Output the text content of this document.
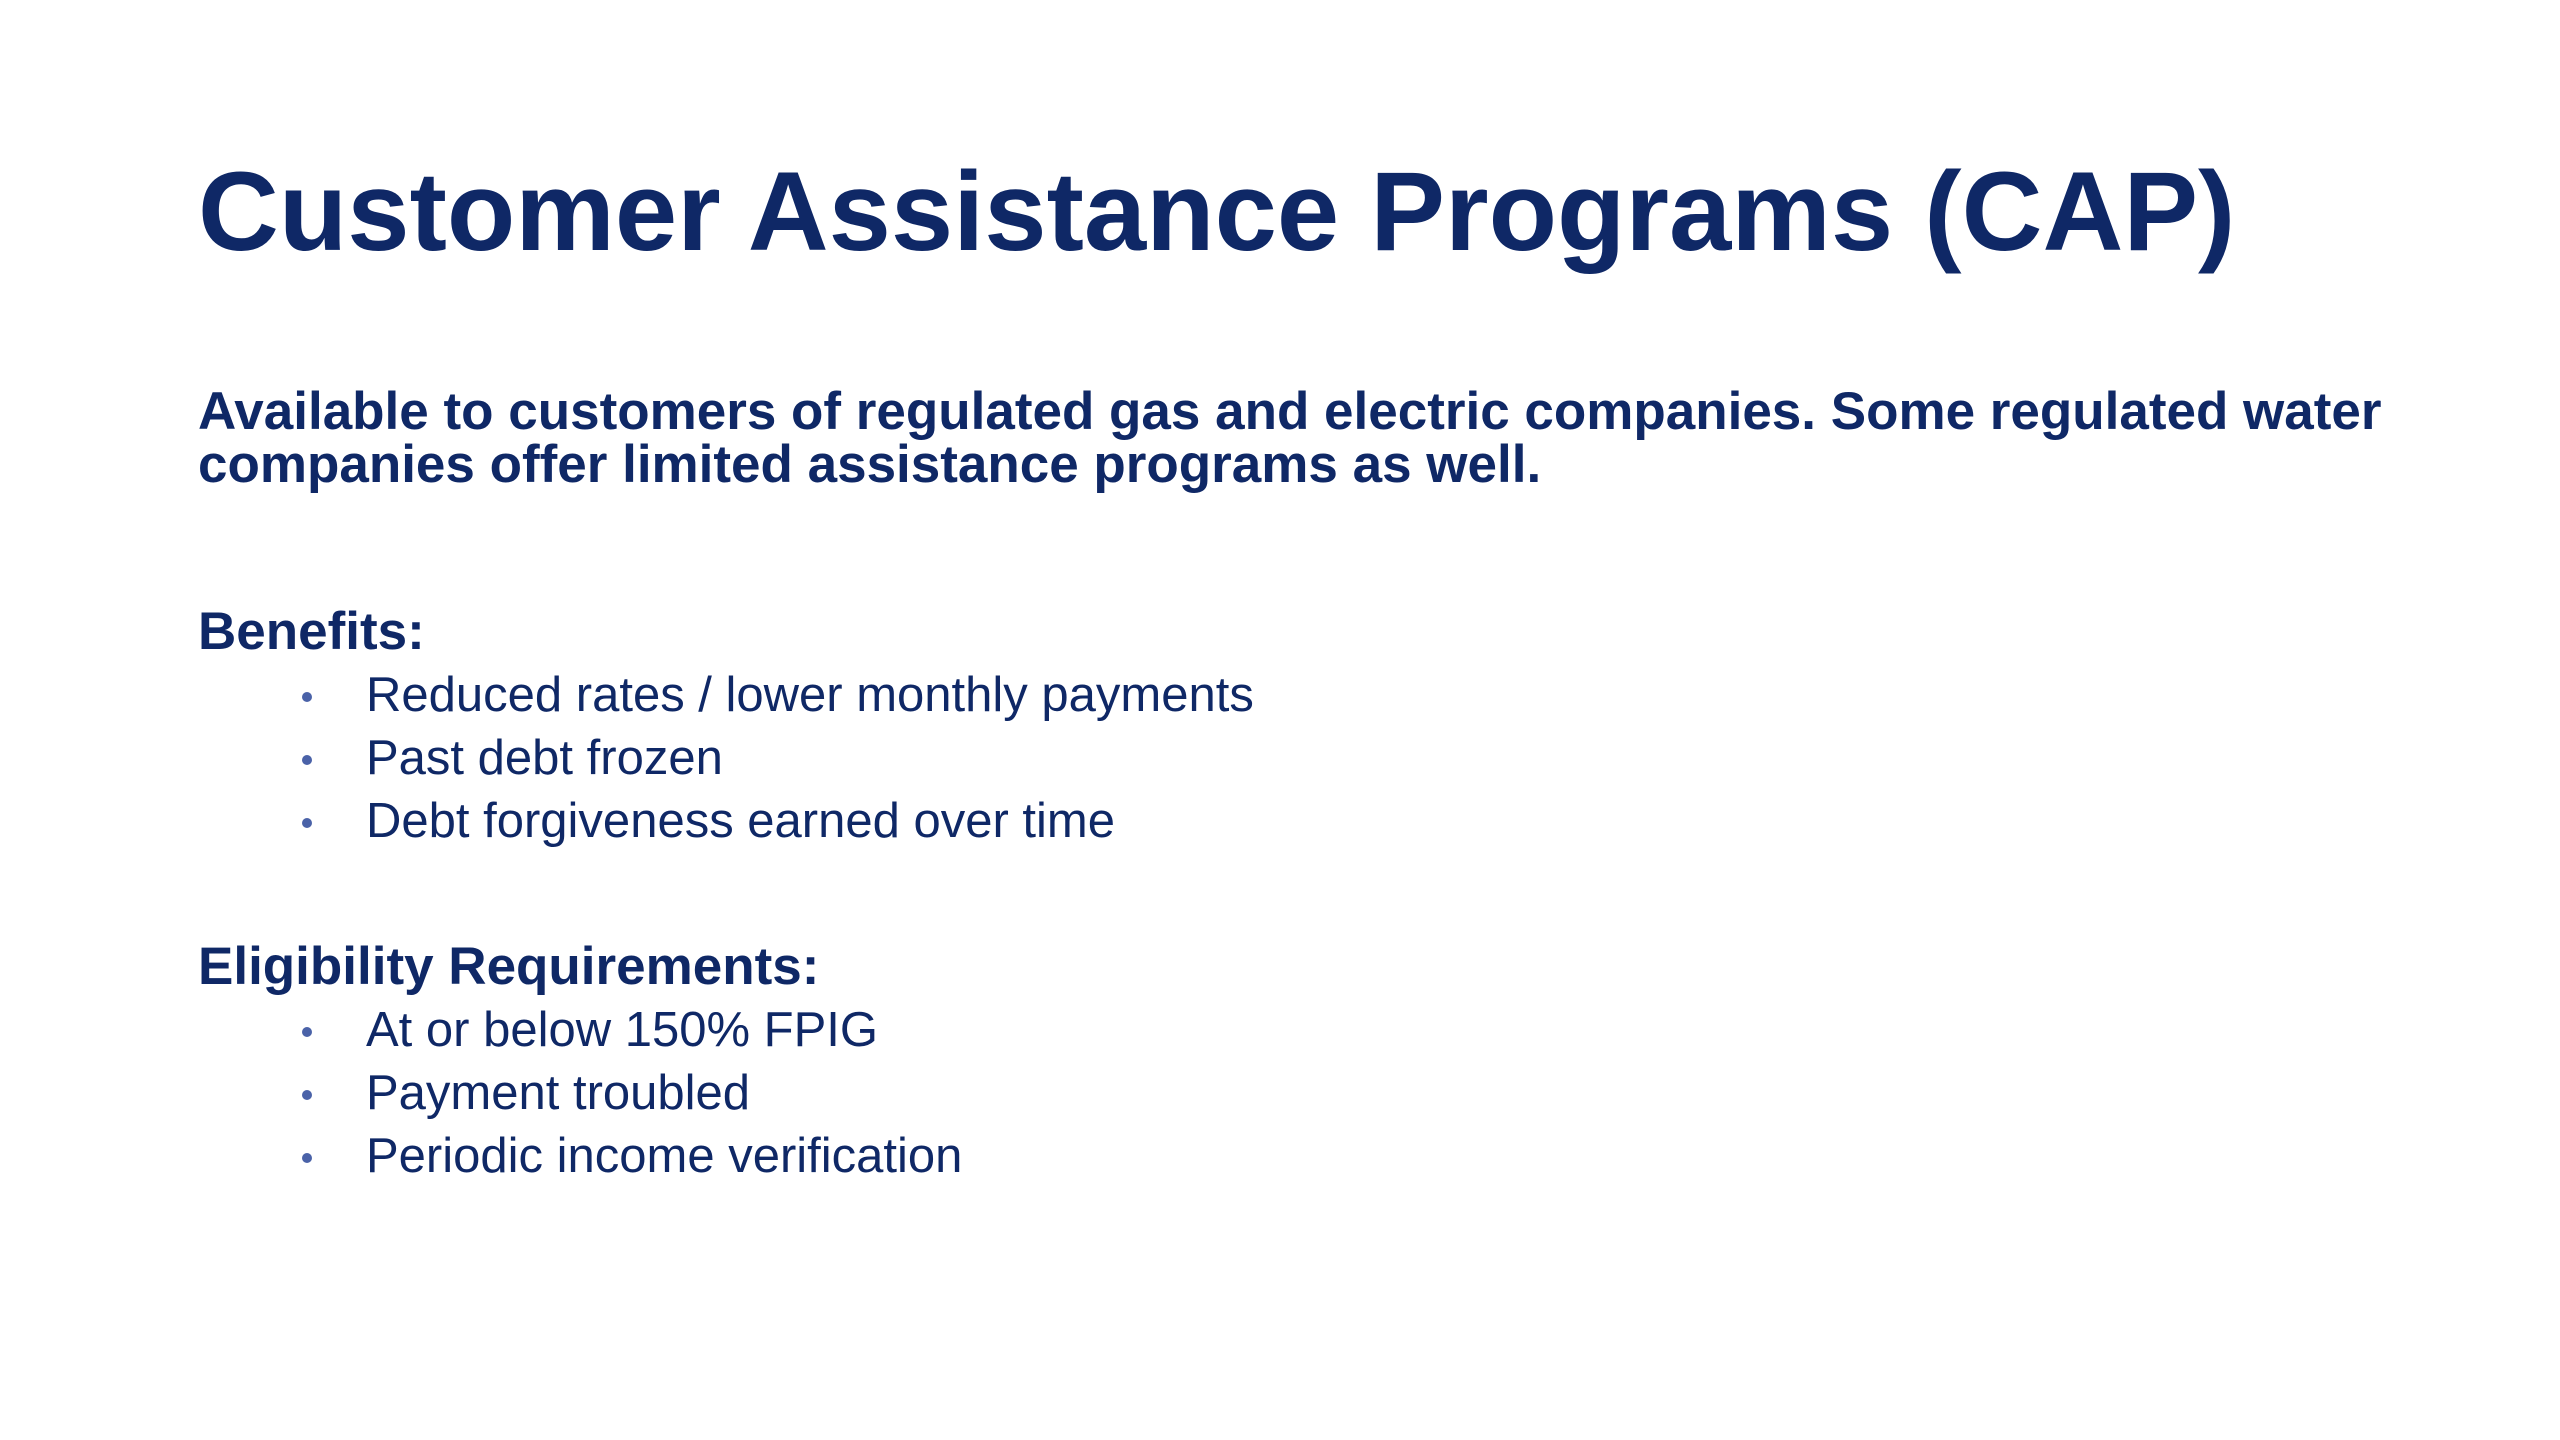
Customer Assistance Programs (CAP)

Available to customers of regulated gas and electric companies. Some regulated water companies offer limited assistance programs as well.

Benefits:
Reduced rates / lower monthly payments
Past debt frozen
Debt forgiveness earned over time
Eligibility Requirements:
At or below 150% FPIG
Payment troubled
Periodic income verification
